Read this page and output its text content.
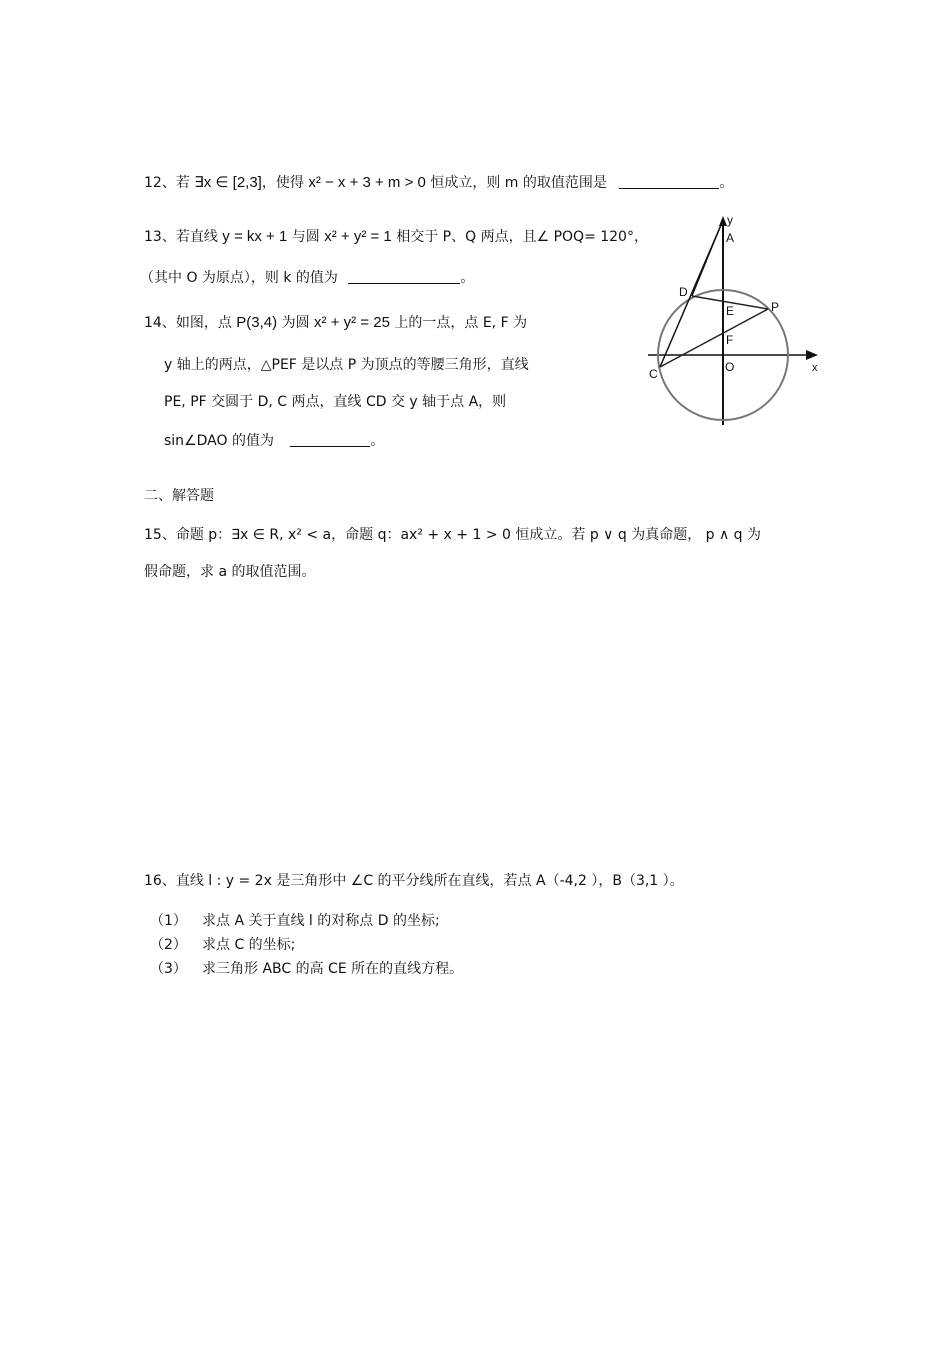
12、若 ∃x ∈ [2,3]，使得 x² − x + 3 + m > 0 恒成立，则 m 的取值范围是	。
13、若直线 y = kx + 1 与圆 x² + y² = 1 相交于 P、Q 两点，且∠ POQ= 120°，
（其中 O 为原点），则 k 的值为	。
14、如图，点 P(3,4) 为圆 x² + y² = 25 上的一点，点 E, F 为
y 轴上的两点，△PEF 是以点 P 为顶点的等腰三角形，直线
PE, PF 交圆于 D, C 两点，直线 CD 交 y 轴于点 A，则
sin∠DAO 的值为	。
y
A
D
E	P
F
O
C	x
二、解答题
15、命题 p：∃x ∈ R, x² < a，命题 q：ax² + x + 1 > 0 恒成立。若 p ∨ q 为真命题， p ∧ q 为
假命题，求 a 的取值范围。
16、直线 l : y = 2x 是三角形中 ∠C 的平分线所在直线，若点 A（-4,2 ），B（3,1 ）。
（1） 求点 A 关于直线 l 的对称点 D 的坐标;
（2） 求点 C 的坐标;
（3） 求三角形 ABC 的高 CE 所在的直线方程。
